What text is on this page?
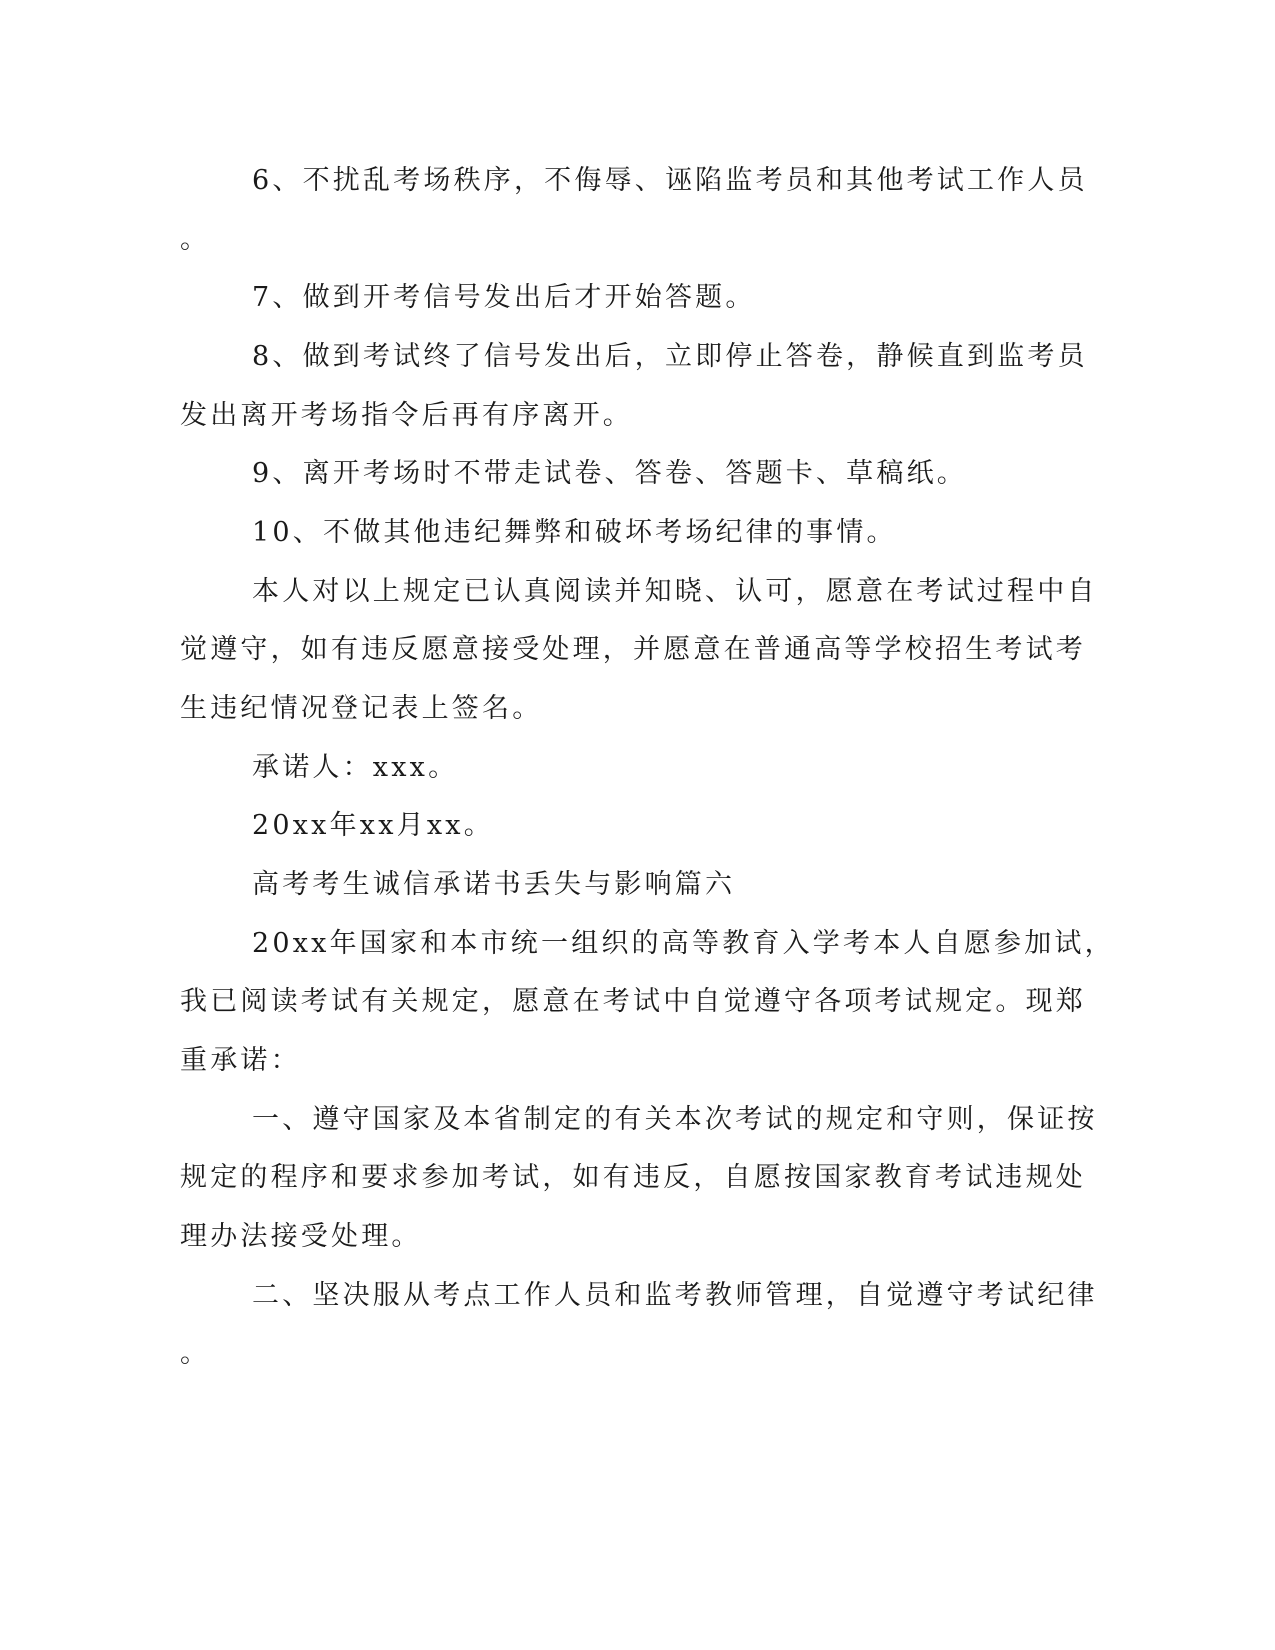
6、不扰乱考场秩序，不侮辱、诬陷监考员和其他考试工作人员
。
7、做到开考信号发出后才开始答题。
8、做到考试终了信号发出后，立即停止答卷，静候直到监考员
发出离开考场指令后再有序离开。
9、离开考场时不带走试卷、答卷、答题卡、草稿纸。
10、不做其他违纪舞弊和破坏考场纪律的事情。
本人对以上规定已认真阅读并知晓、认可，愿意在考试过程中自
觉遵守，如有违反愿意接受处理，并愿意在普通高等学校招生考试考
生违纪情况登记表上签名。
承诺人：xxx。
20xx年xx月xx。
高考考生诚信承诺书丢失与影响篇六
20xx年国家和本市统一组织的高等教育入学考本人自愿参加试，
我已阅读考试有关规定，愿意在考试中自觉遵守各项考试规定。现郑
重承诺：
一、遵守国家及本省制定的有关本次考试的规定和守则，保证按
规定的程序和要求参加考试，如有违反，自愿按国家教育考试违规处
理办法接受处理。
二、坚决服从考点工作人员和监考教师管理，自觉遵守考试纪律
。
